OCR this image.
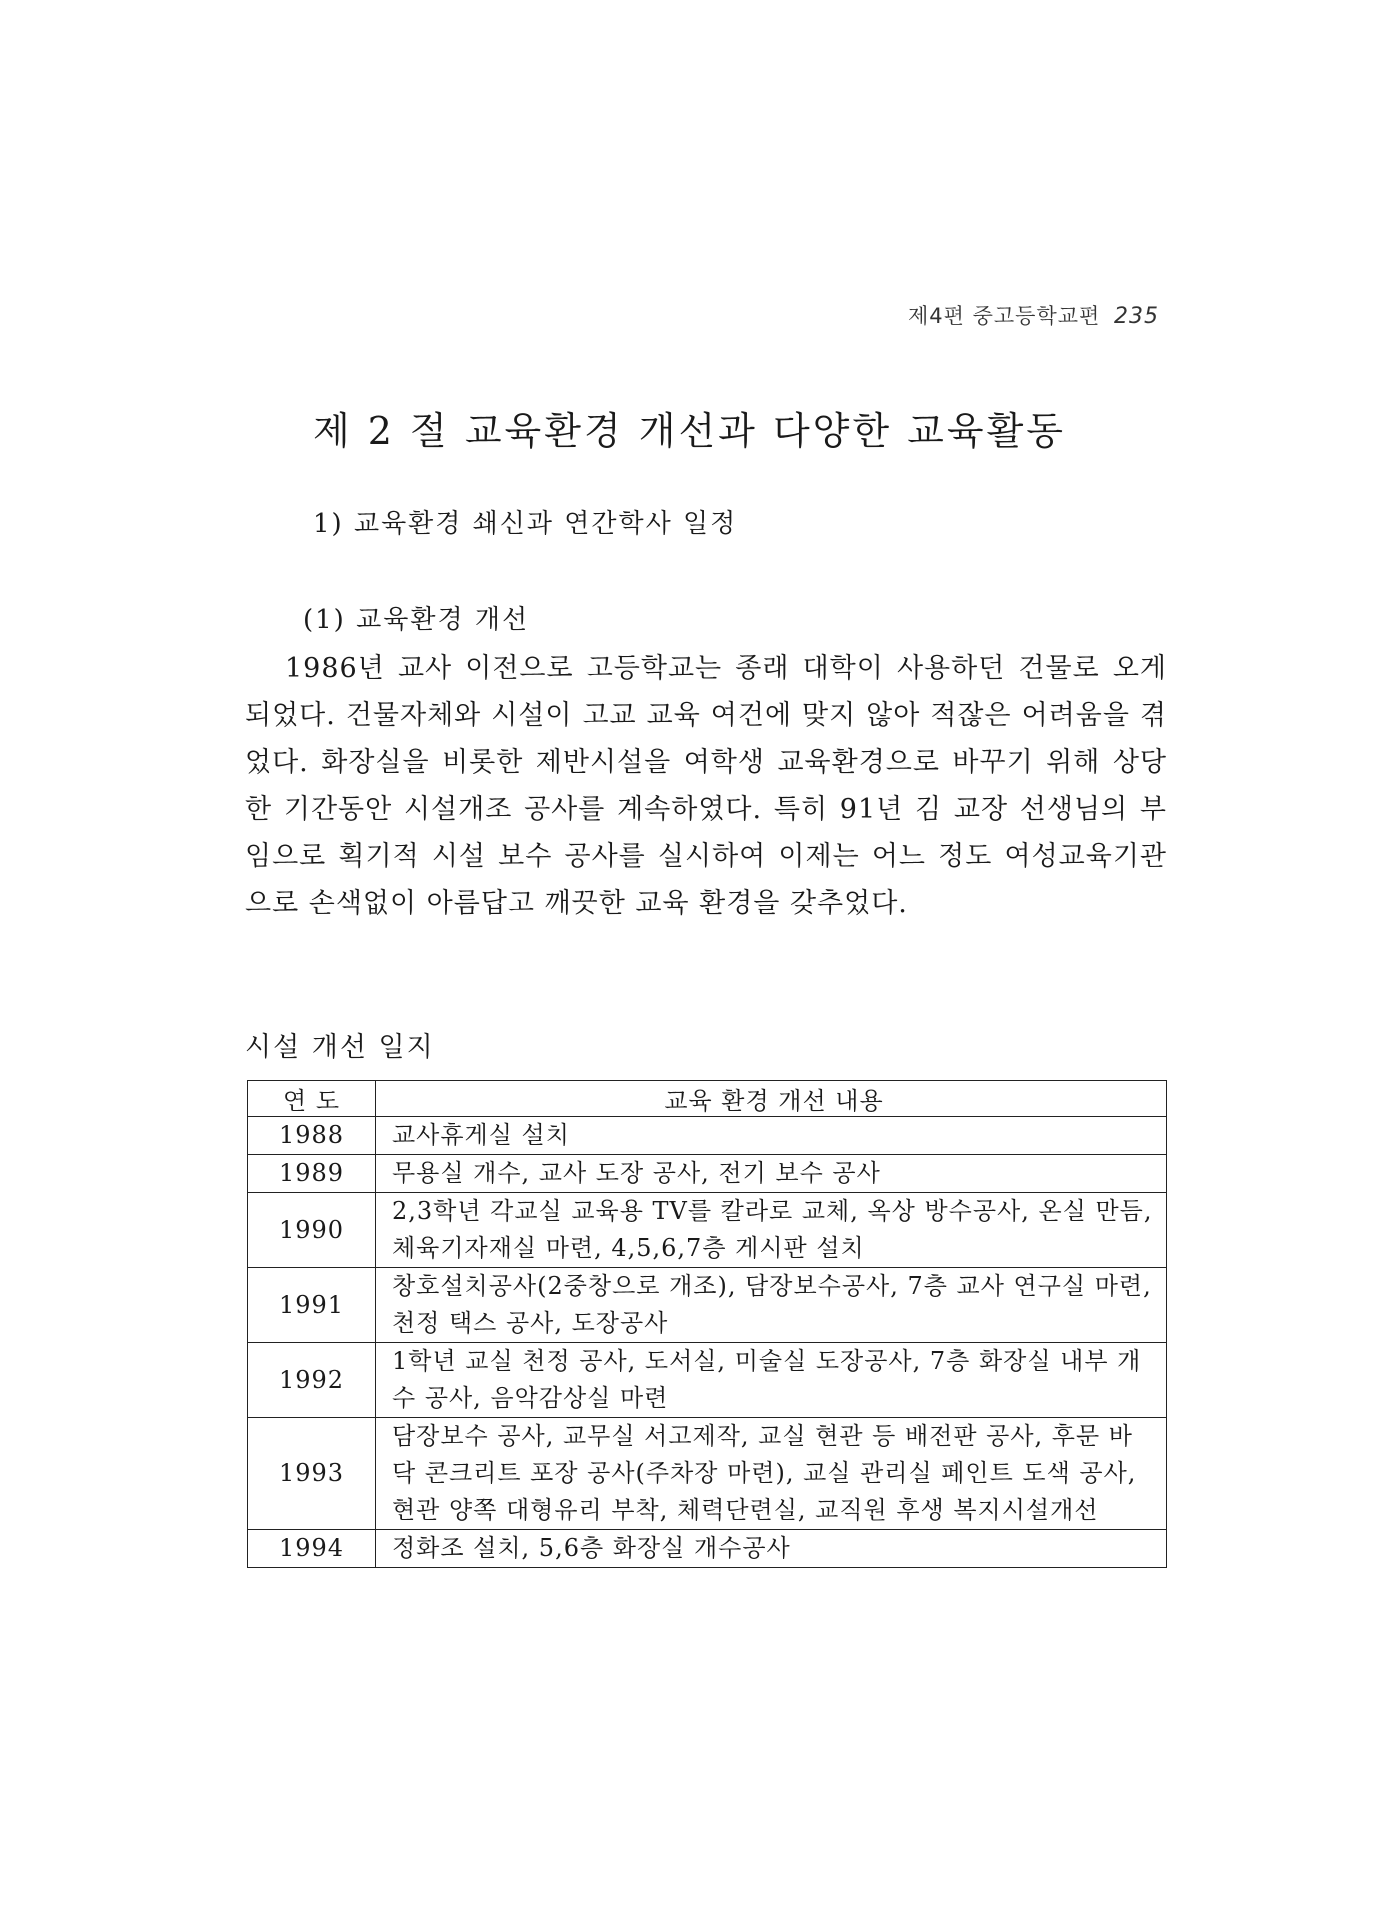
제4편 중고등학교편 235
제 2 절 교육환경 개선과 다양한 교육활동
1) 교육환경 쇄신과 연간학사 일정
(1) 교육환경 개선

1986년 교사 이전으로 고등학교는 종래 대학이 사용하던 건물로 오게 되었다. 건물자체와 시설이 고교 교육 여건에 맞지 않아 적잖은 어려움을 겪었다. 화장실을 비롯한 제반시설을 여학생 교육환경으로 바꾸기 위해 상당한 기간동안 시설개조 공사를 계속하였다. 특히 91년 김 교장 선생님의 부임으로 획기적 시설 보수 공사를 실시하여 이제는 어느 정도 여성교육기관으로 손색없이 아름답고 깨끗한 교육 환경을 갖추었다.

시설 개선 일지
연 도	교육 환경 개선 내용
1988	교사휴게실 설치
1989	무용실 개수, 교사 도장 공사, 전기 보수 공사
1990	2,3학년 각교실 교육용 TV를 칼라로 교체, 옥상 방수공사, 온실 만듬, 체육기자재실 마련, 4,5,6,7층 게시판 설치
1991	창호설치공사(2중창으로 개조), 담장보수공사, 7층 교사 연구실 마련, 천정 택스 공사, 도장공사
1992	1학년 교실 천정 공사, 도서실, 미술실 도장공사, 7층 화장실 내부 개수 공사, 음악감상실 마련
1993	담장보수 공사, 교무실 서고제작, 교실 현관 등 배전판 공사, 후문 바닥 콘크리트 포장 공사(주차장 마련), 교실 관리실 페인트 도색 공사, 현관 양쪽 대형유리 부착, 체력단련실, 교직원 후생 복지시설개선
1994	정화조 설치, 5,6층 화장실 개수공사
